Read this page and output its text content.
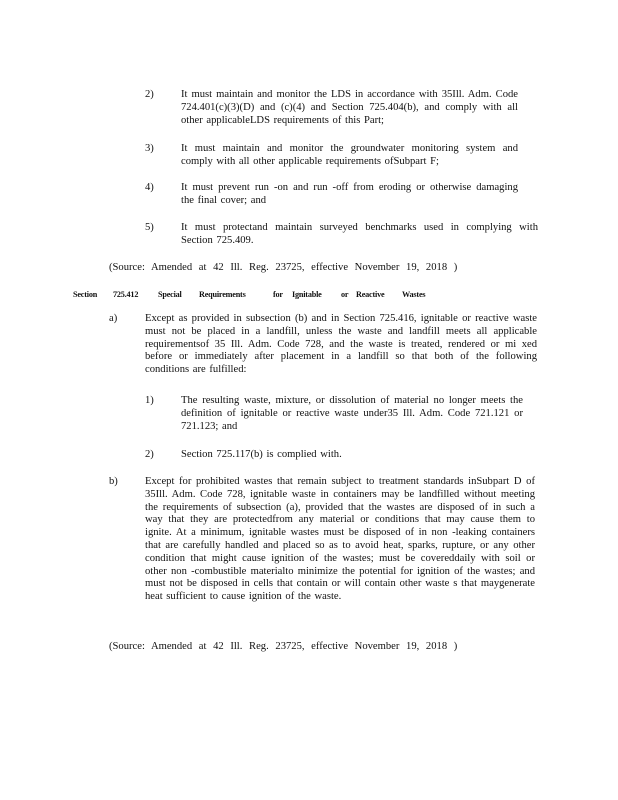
2)	It must maintain and monitor the LDS in accordance with 35Ill. Adm. Code 724.401(c)(3)(D) and (c)(4) and Section 725.404(b), and comply with all other applicableLDS requirements of this Part;
3)	It must maintain and monitor the groundwater monitoring system and comply with all other applicable requirements ofSubpart F;
4)	It must prevent run -on and run -off from eroding or otherwise damaging the final cover; and
5)	It must protectand maintain surveyed benchmarks used in complying with Section 725.409.
(Source: Amended at 42 Ill. Reg. 23725, effective November 19, 2018 )
Section 725.412 Special Requirements	for Ignitable or Reactive Wastes
a)	Except as provided in subsection (b) and in Section 725.416, ignitable or reactive waste must not be placed in a landfill, unless the waste and landfill meets all applicable requirementsof 35 Ill. Adm. Code 728, and the waste is treated, rendered or mi xed before or immediately after placement in a landfill so that both of the following conditions are fulfilled:
1)	The resulting waste, mixture, or dissolution of material no longer meets the definition of ignitable or reactive waste under35 Ill. Adm. Code 721.121 or 721.123; and
2)	Section 725.117(b) is complied with.
b)	Except for prohibited wastes that remain subject to treatment standards inSubpart D of 35Ill. Adm. Code 728, ignitable waste in containers may be landfilled without meeting the requirements of subsection (a), provided that the wastes are disposed of in such a way that they are protectedfrom any material or conditions that may cause them to ignite. At a minimum, ignitable wastes must be disposed of in non -leaking containers that are carefully handled and placed so as to avoid heat, sparks, rupture, or any other condition that might cause ignition of the wastes; must be covereddaily with soil or other non -combustible materialto minimize the potential for ignition of the wastes; and must not be disposed in cells that contain or will contain other waste s that maygenerate heat sufficient to cause ignition of the waste.
(Source: Amended at 42 Ill. Reg. 23725, effective November 19, 2018 )
